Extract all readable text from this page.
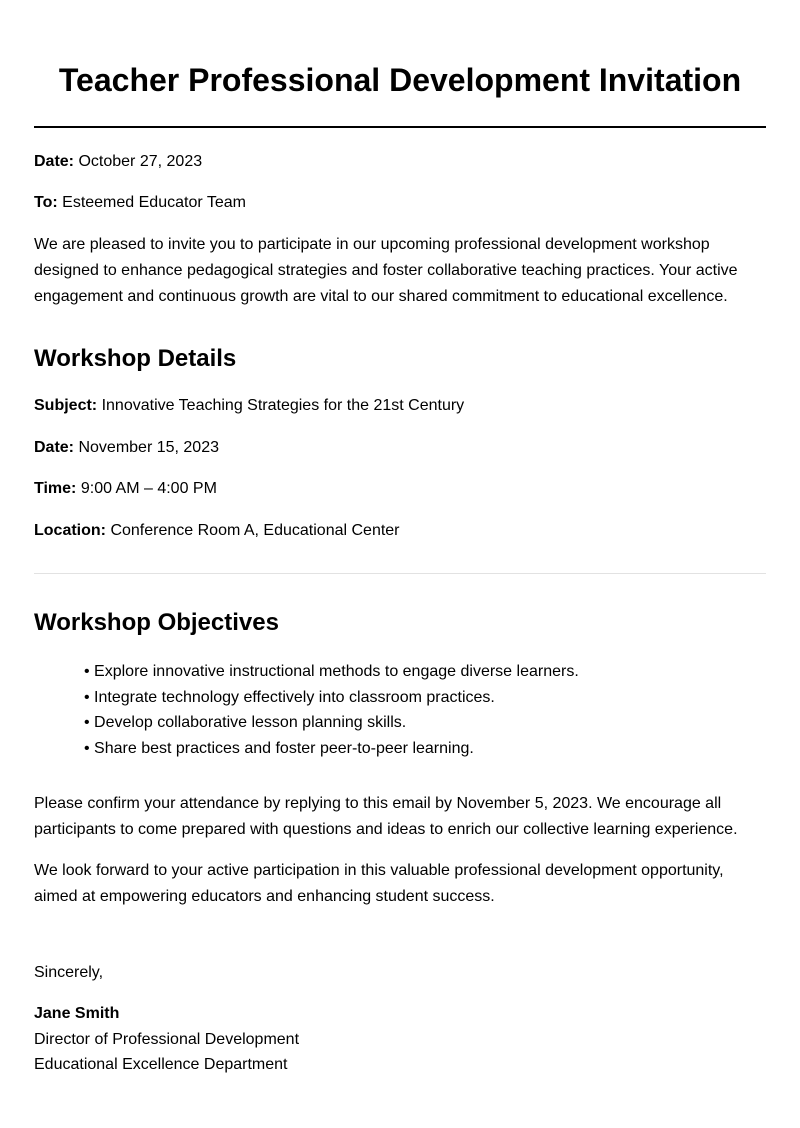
Teacher Professional Development Invitation
Date: October 27, 2023
To: Esteemed Educator Team
We are pleased to invite you to participate in our upcoming professional development workshop
designed to enhance pedagogical strategies and foster collaborative teaching practices. Your active
engagement and continuous growth are vital to our shared commitment to educational excellence.
Workshop Details
Subject: Innovative Teaching Strategies for the 21st Century
Date: November 15, 2023
Time: 9:00 AM – 4:00 PM
Location: Conference Room A, Educational Center
Workshop Objectives
• Explore innovative instructional methods to engage diverse learners.
• Integrate technology effectively into classroom practices.
• Develop collaborative lesson planning skills.
• Share best practices and foster peer-to-peer learning.
Please confirm your attendance by replying to this email by November 5, 2023. We encourage all
participants to come prepared with questions and ideas to enrich our collective learning experience.
We look forward to your active participation in this valuable professional development opportunity,
aimed at empowering educators and enhancing student success.
Sincerely,
Jane Smith
Director of Professional Development
Educational Excellence Department
